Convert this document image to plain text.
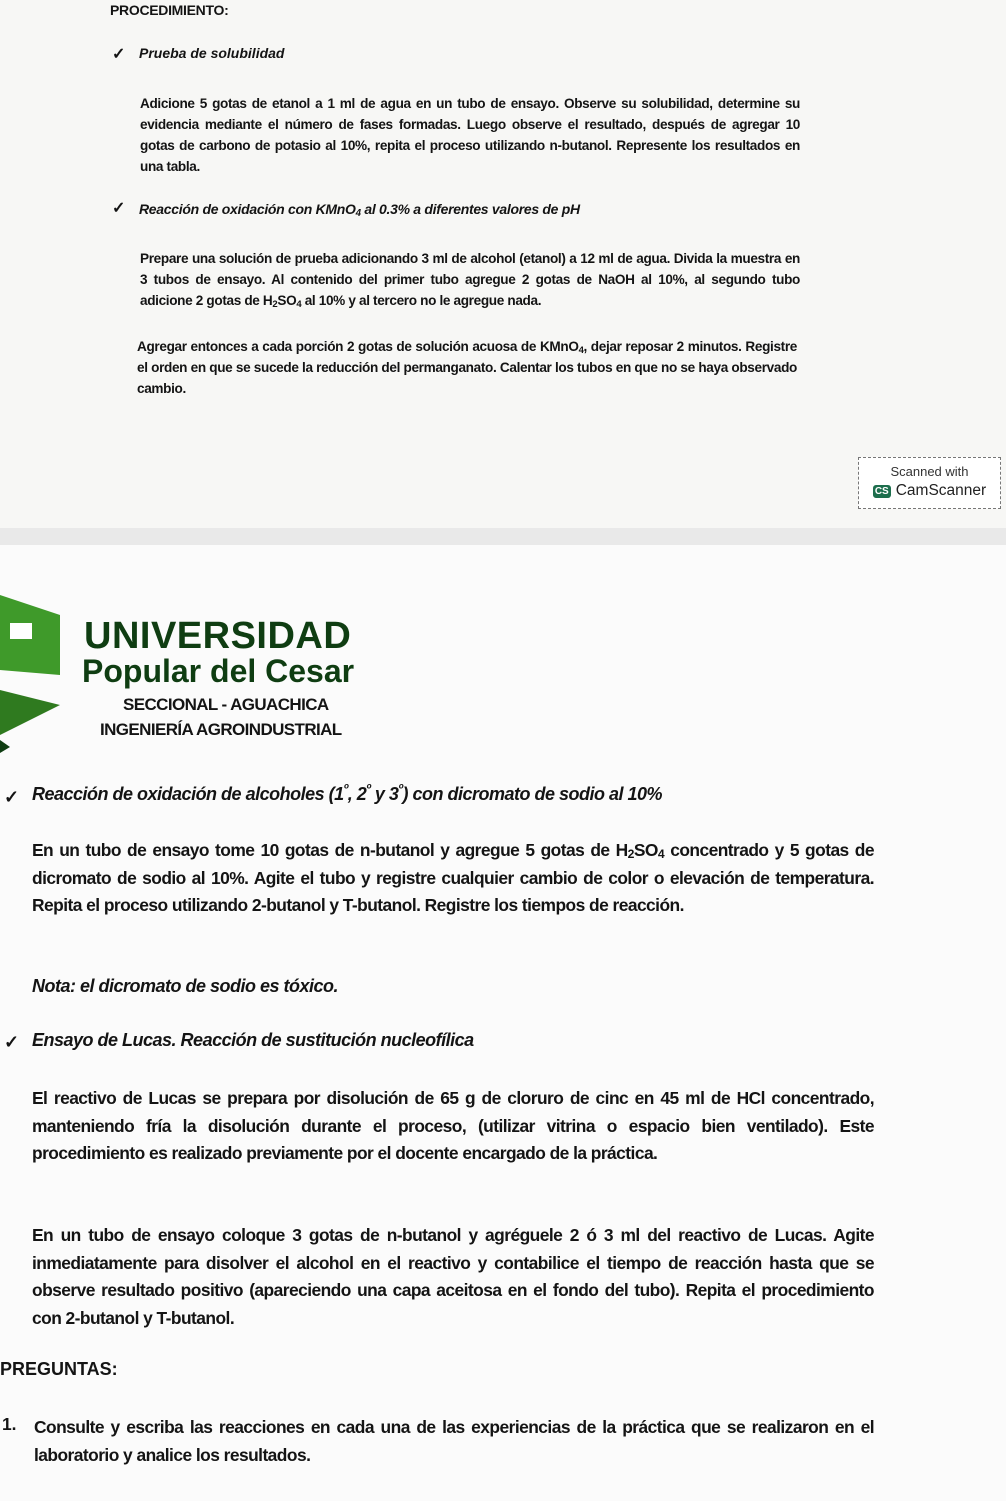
PROCEDIMIENTO:
✓ Prueba de solubilidad
Adicione 5 gotas de etanol a 1 ml de agua en un tubo de ensayo. Observe su solubilidad, determine su evidencia mediante el número de fases formadas. Luego observe el resultado, después de agregar 10 gotas de carbono de potasio al 10%, repita el proceso utilizando n-butanol. Represente los resultados en una tabla.
✓ Reacción de oxidación con KMnO$_4$ al 0.3% a diferentes valores de pH
Prepare una solución de prueba adicionando 3 ml de alcohol (etanol) a 12 ml de agua. Divida la muestra en 3 tubos de ensayo. Al contenido del primer tubo agregue 2 gotas de NaOH al 10%, al segundo tubo adicione 2 gotas de $H_2SO_4$ al 10% y al tercero no le agregue nada.
Agregar entonces a cada porción 2 gotas de solución acuosa de KMnO$_4$, dejar reposar 2 minutos. Registre el orden en que se sucede la reducción del permanganato. Calentar los tubos en que no se haya observado cambio.
Scanned with
CS CamScanner
UNIVERSIDAD
Popular del Cesar
SECCIONAL - AGUACHICA
INGENIERÍA AGROINDUSTRIAL
✓ Reacción de oxidación de alcoholes ($1^º$, $2^º$ y $3^º$) con dicromato de sodio al 10%
En un tubo de ensayo tome 10 gotas de n-butanol y agregue 5 gotas de $H_2SO_4$ concentrado y 5 gotas de dicromato de sodio al 10%. Agite el tubo y registre cualquier cambio de color o elevación de temperatura. Repita el proceso utilizando 2-butanol y T-butanol. Registre los tiempos de reacción.
Nota: el dicromato de sodio es tóxico.
✓ Ensayo de Lucas. Reacción de sustitución nucleofílica
El reactivo de Lucas se prepara por disolución de 65 g de cloruro de cinc en 45 ml de HCl concentrado, manteniendo fría la disolución durante el proceso, (utilizar vitrina o espacio bien ventilado). Este procedimiento es realizado previamente por el docente encargado de la práctica.
En un tubo de ensayo coloque 3 gotas de n-butanol y agréguele 2 ó 3 ml del reactivo de Lucas. Agite inmediatamente para disolver el alcohol en el reactivo y contabilice el tiempo de reacción hasta que se observe resultado positivo (apareciendo una capa aceitosa en el fondo del tubo). Repita el procedimiento con 2-butanol y T-butanol.
PREGUNTAS:
1. Consulte y escriba las reacciones en cada una de las experiencias de la práctica que se realizaron en el laboratorio y analice los resultados.
